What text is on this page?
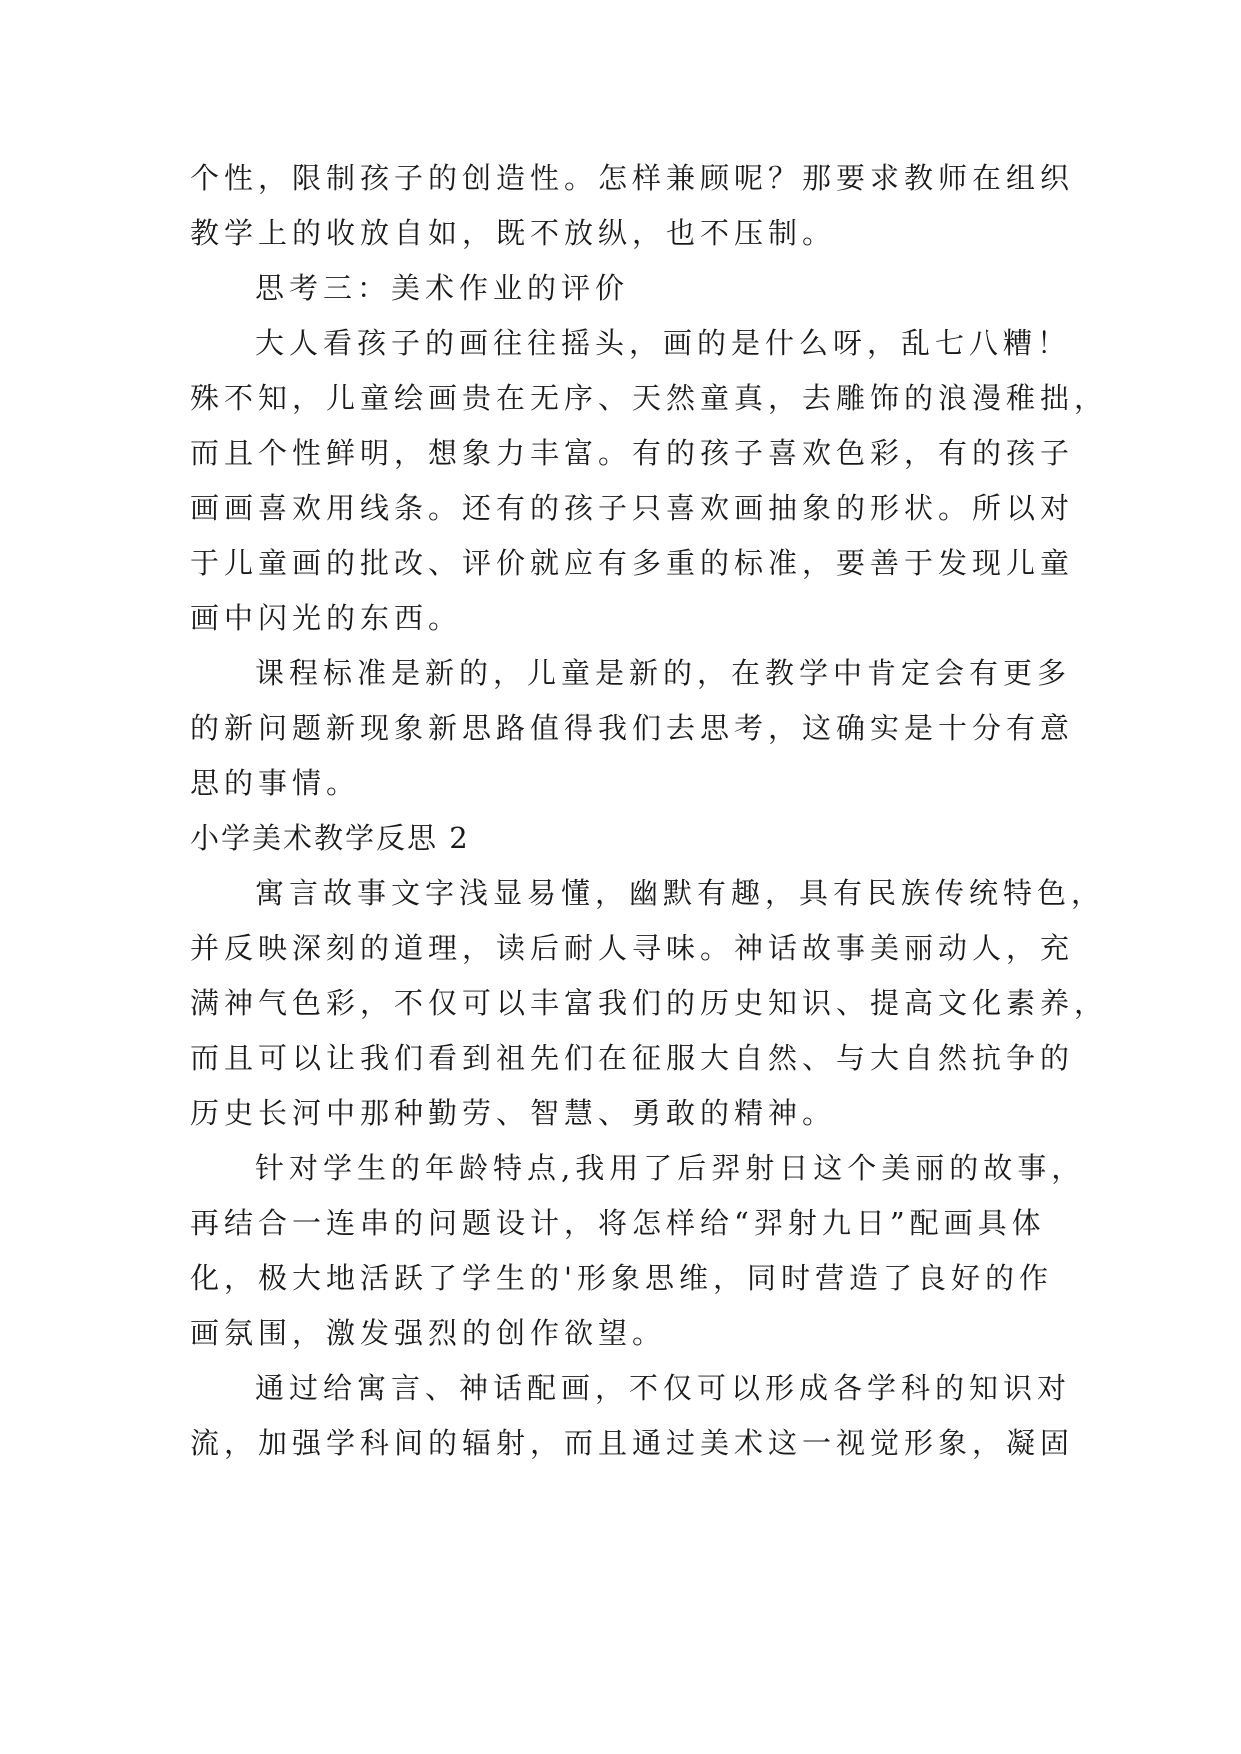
个性，限制孩子的创造性。怎样兼顾呢？那要求教师在组织
教学上的收放自如，既不放纵，也不压制。
思考三：美术作业的评价
大人看孩子的画往往摇头，画的是什么呀，乱七八糟！
殊不知，儿童绘画贵在无序、天然童真，去雕饰的浪漫稚拙，
而且个性鲜明，想象力丰富。有的孩子喜欢色彩，有的孩子
画画喜欢用线条。还有的孩子只喜欢画抽象的形状。所以对
于儿童画的批改、评价就应有多重的标准，要善于发现儿童
画中闪光的东西。
课程标准是新的，儿童是新的，在教学中肯定会有更多
的新问题新现象新思路值得我们去思考，这确实是十分有意
思的事情。
小学美术教学反思 2
寓言故事文字浅显易懂，幽默有趣，具有民族传统特色，
并反映深刻的道理，读后耐人寻味。神话故事美丽动人，充
满神气色彩，不仅可以丰富我们的历史知识、提高文化素养，
而且可以让我们看到祖先们在征服大自然、与大自然抗争的
历史长河中那种勤劳、智慧、勇敢的精神。
针对学生的年龄特点,我用了后羿射日这个美丽的故事，
再结合一连串的问题设计，将怎样给“羿射九日”配画具体
化，极大地活跃了学生的'形象思维，同时营造了良好的作
画氛围，激发强烈的创作欲望。
通过给寓言、神话配画，不仅可以形成各学科的知识对
流，加强学科间的辐射，而且通过美术这一视觉形象，凝固
